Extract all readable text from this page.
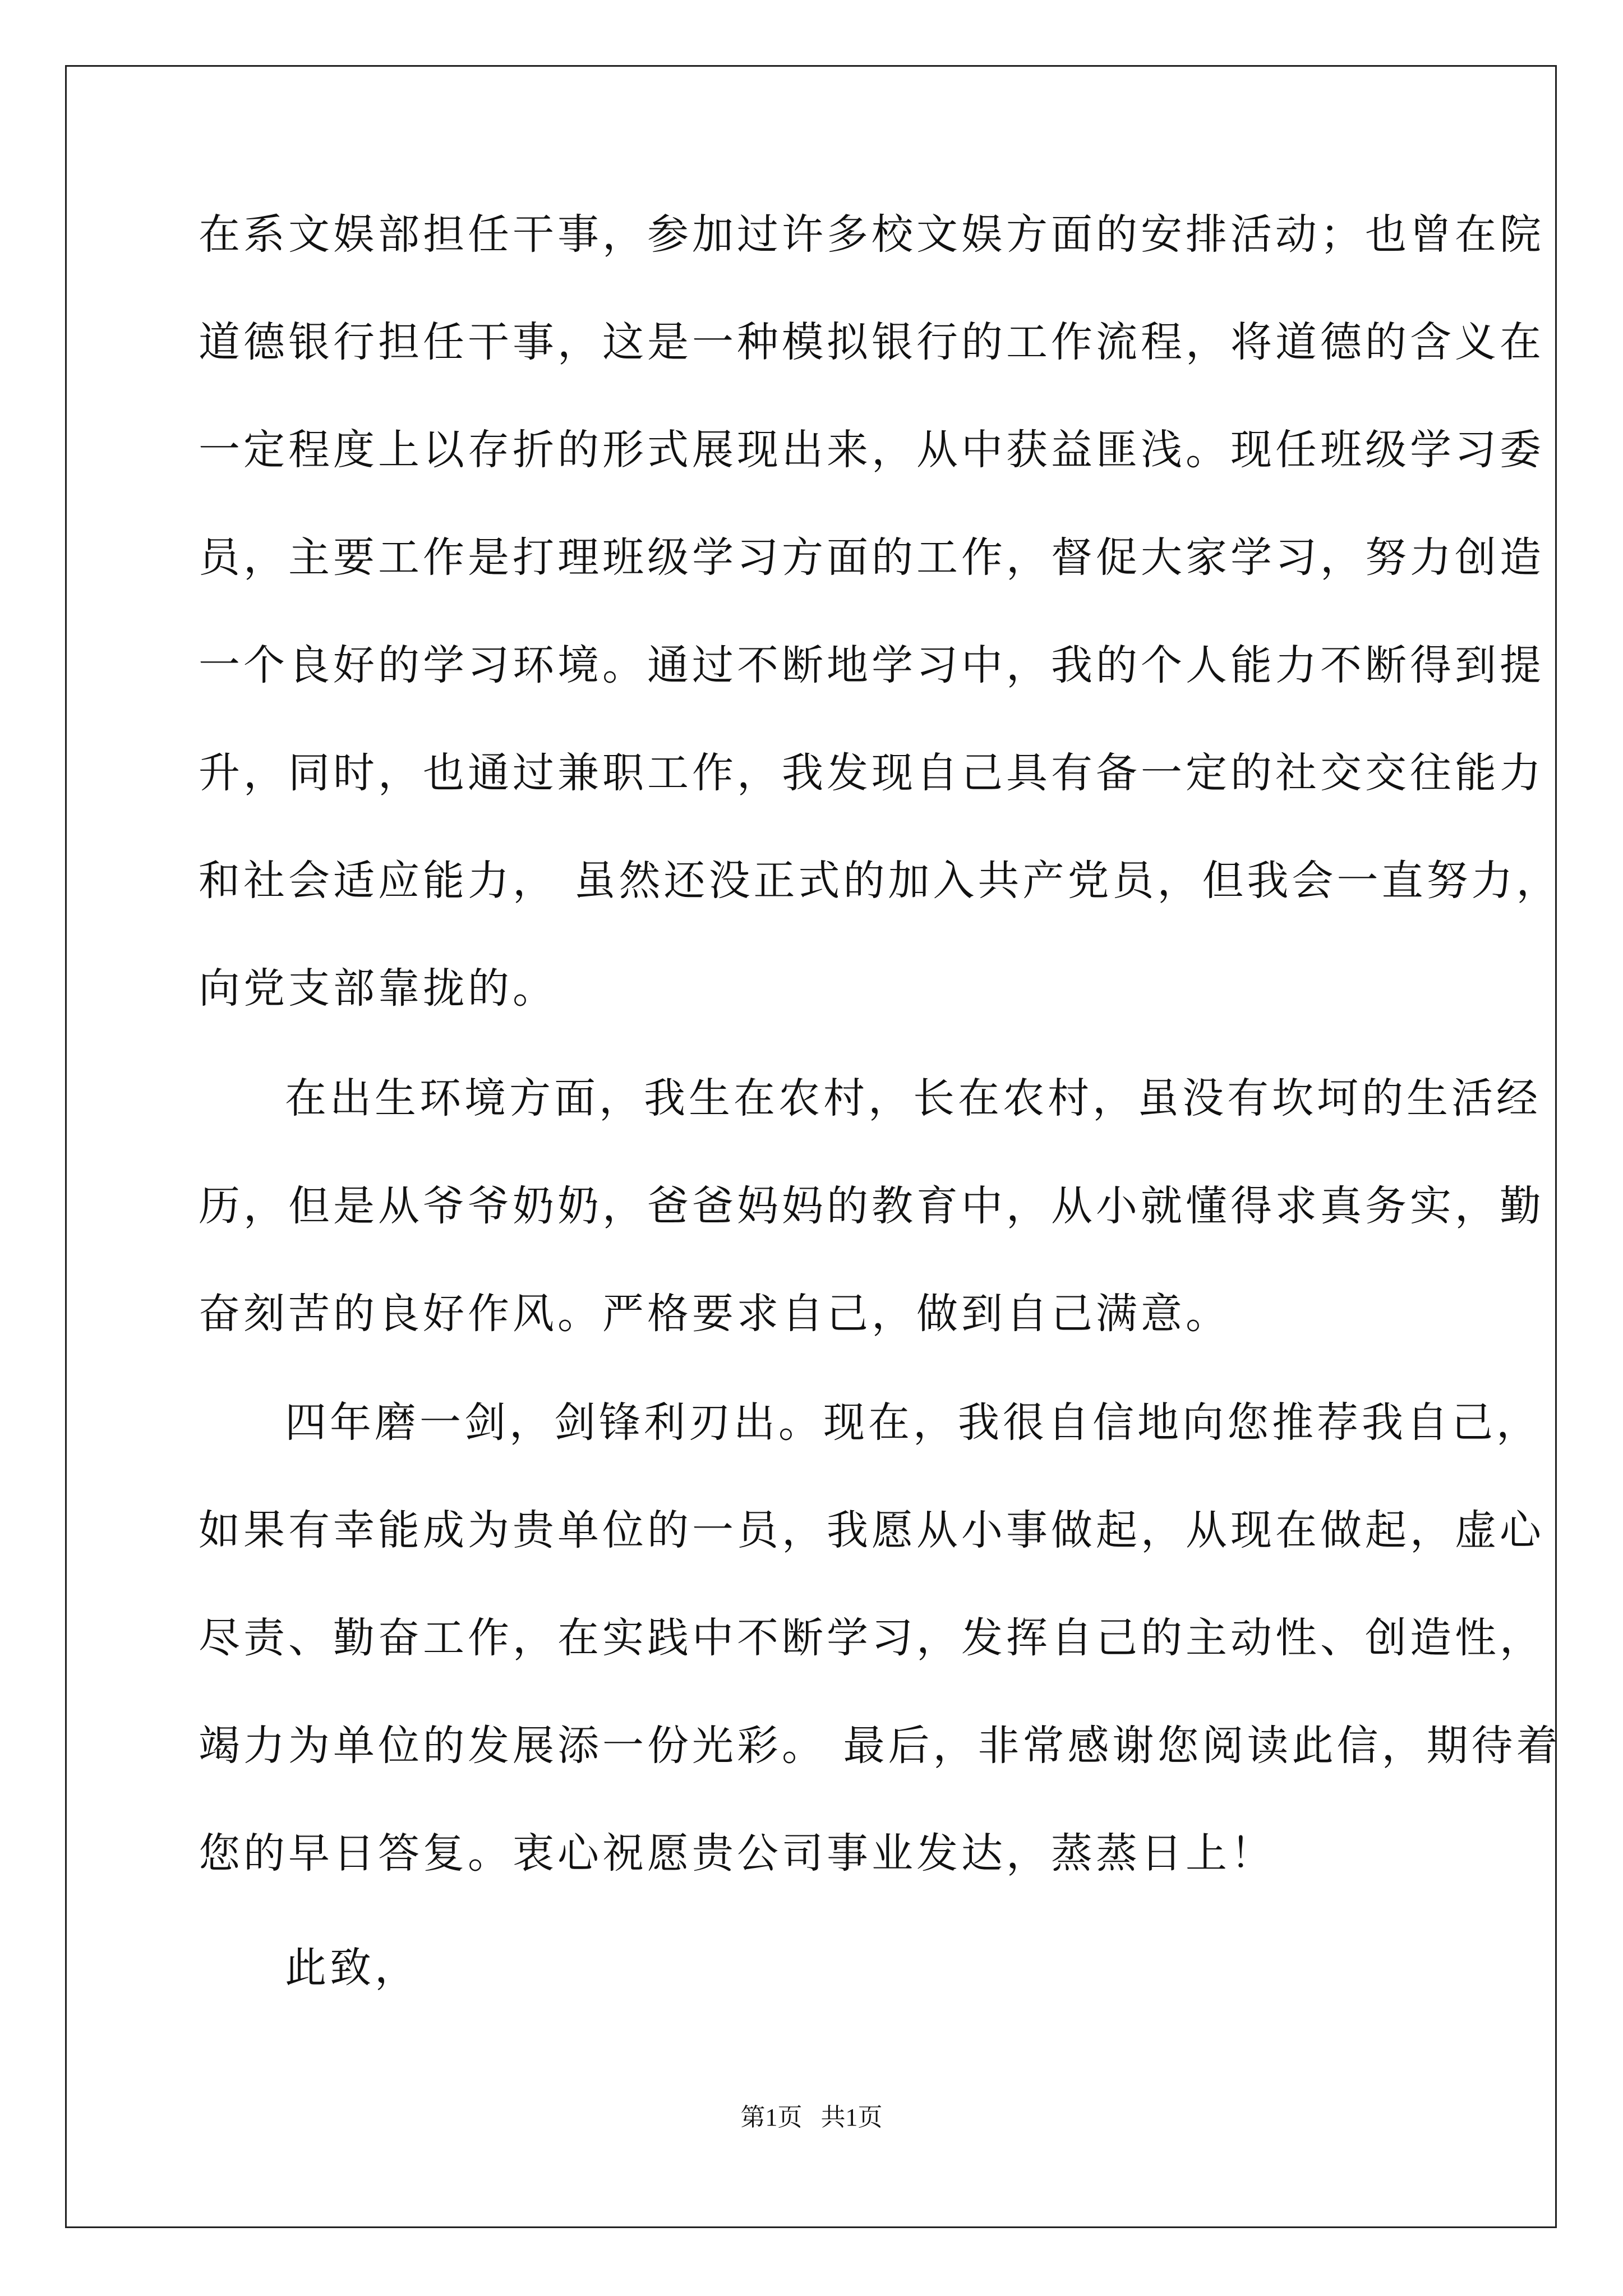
在系文娱部担任干事，参加过许多校文娱方面的安排活动；也曾在院
道德银行担任干事，这是一种模拟银行的工作流程，将道德的含义在
一定程度上以存折的形式展现出来，从中获益匪浅。现任班级学习委
员，主要工作是打理班级学习方面的工作，督促大家学习，努力创造
一个良好的学习环境。通过不断地学习中，我的个人能力不断得到提
升，同时，也通过兼职工作，我发现自己具有备一定的社交交往能力
和社会适应能力， 虽然还没正式的加入共产党员，但我会一直努力，
向党支部靠拢的。
在出生环境方面，我生在农村，长在农村，虽没有坎坷的生活经
历，但是从爷爷奶奶，爸爸妈妈的教育中，从小就懂得求真务实，勤
奋刻苦的良好作风。严格要求自己，做到自己满意。
四年磨一剑，剑锋利刃出。现在，我很自信地向您推荐我自己，
如果有幸能成为贵单位的一员，我愿从小事做起，从现在做起，虚心
尽责、勤奋工作，在实践中不断学习，发挥自己的主动性、创造性，
竭力为单位的发展添一份光彩。 最后，非常感谢您阅读此信，期待着
您的早日答复。衷心祝愿贵公司事业发达，蒸蒸日上！
此致，
第1页   共1页
